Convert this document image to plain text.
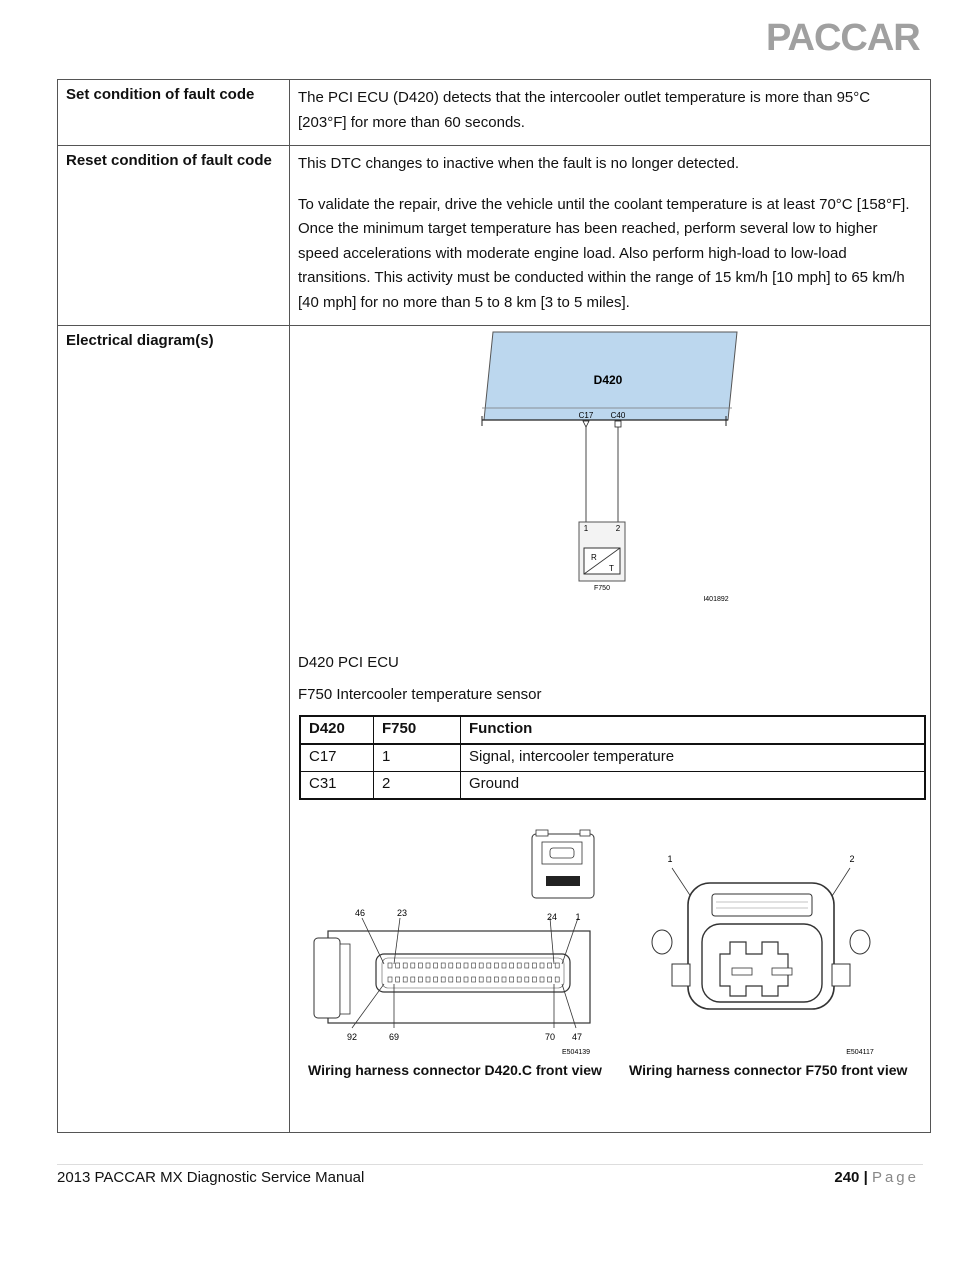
PACCAR
Set condition of fault code	The PCI ECU (D420) detects that the intercooler outlet temperature is more than 95°C [203°F] for more than 60 seconds.

Reset condition of fault code	This DTC changes to inactive when the fault is no longer detected.

To validate the repair, drive the vehicle until the coolant temperature is at least 70°C [158°F]. Once the minimum target temperature has been reached, perform several low to higher speed accelerations with moderate engine load. Also perform high-load to low-load transitions. This activity must be conducted within the range of 15 km/h [10 mph] to 65 km/h [40 mph] for no more than 5 to 8 km [3 to 5 miles].

Electrical diagram(s)	
D420
C17 C40
1	2
R
T
F750
I401892
D420 PCI ECU
F750 Intercooler temperature sensor
D420	F750	Function
C17	1	Signal, intercooler temperature
C31	2	Ground
46	23	24 1
92	69	70 47
E504139
Wiring harness connector D420.C front view
1	2
E504117
Wiring harness connector F750 front view
2013 PACCAR MX Diagnostic Service Manual	240 | Page
